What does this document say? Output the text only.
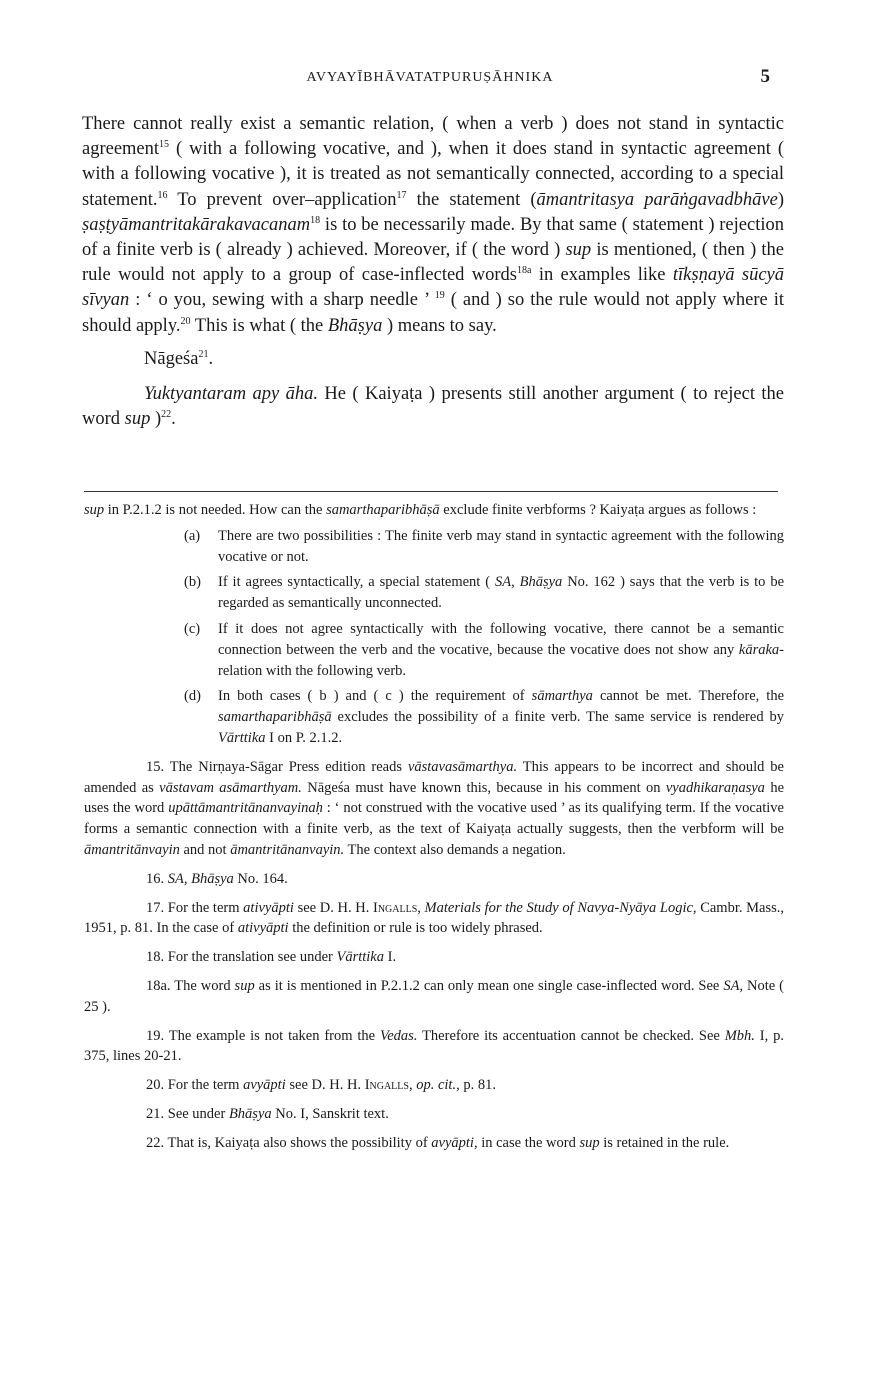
AVYAYĪBHĀVATATPURUṢĀHNIKA	5

There cannot really exist a semantic relation, ( when a verb ) does not stand in syntactic agreement$^{15}$ ( with a following vocative, and ), when it does stand in syntactic agreement ( with a following vocative ), it is treated as not semantically connected, according to a special statement.$^{16}$ To prevent over–application$^{17}$ the statement (āmantritasya parāṅgavadbhāve) ṣaṣṭyāmantritakārakavacanam$^{18}$ is to be necessarily made. By that same ( statement ) rejection of a finite verb is ( already ) achieved. Moreover, if ( the word ) sup is mentioned, ( then ) the rule would not apply to a group of case-inflected words$^{18a}$ in examples like tīkṣṇayā sūcyā sīvyan : ‘ o you, sewing with a sharp needle ’ $^{19}$ ( and ) so the rule would not apply where it should apply.$^{20}$ This is what ( the Bhāṣya ) means to say.

Nāgeśa$^{21}$.

Yuktyantaram apy āha. He ( Kaiyaṭa ) presents still another argument ( to reject the word sup )$^{22}$.

sup in P.2.1.2 is not needed. How can the samarthaparibhāṣā exclude finite verbforms ? Kaiyaṭa argues as follows :

(a) There are two possibilities : The finite verb may stand in syntactic agreement with the following vocative or not.
(b) If it agrees syntactically, a special statement ( SA, Bhāṣya No. 162 ) says that the verb is to be regarded as semantically unconnected.
(c) If it does not agree syntactically with the following vocative, there cannot be a semantic connection between the verb and the vocative, because the vocative does not show any kāraka- relation with the following verb.
(d) In both cases ( b ) and ( c ) the requirement of sāmarthya cannot be met. Therefore, the samarthaparibhāṣā excludes the possibility of a finite verb. The same service is rendered by Vārttika I on P. 2.1.2.

15. The Nirṇaya-Sāgar Press edition reads vāstavasāmarthya. This appears to be incorrect and should be amended as vāstavam asāmarthyam. Nāgeśa must have known this, because in his comment on vyadhikaraṇasya he uses the word upāttāmantritānanvayinaḥ : ‘ not construed with the vocative used ’ as its qualifying term. If the vocative forms a semantic connection with a finite verb, as the text of Kaiyaṭa actually suggests, then the verbform will be āmantritānvayin and not āmantritānanvayin. The context also demands a negation.

16. SA, Bhāṣya No. 164.

17. For the term ativyāpti see D. H. H. Ingalls, Materials for the Study of Navya-Nyāya Logic, Cambr. Mass., 1951, p. 81. In the case of ativyāpti the definition or rule is too widely phrased.

18. For the translation see under Vārttika I.

18a. The word sup as it is mentioned in P.2.1.2 can only mean one single case-inflected word. See SA, Note ( 25 ).

19. The example is not taken from the Vedas. Therefore its accentuation cannot be checked. See Mbh. I, p. 375, lines 20-21.

20. For the term avyāpti see D. H. H. Ingalls, op. cit., p. 81.

21. See under Bhāṣya No. I, Sanskrit text.

22. That is, Kaiyaṭa also shows the possibility of avyāpti, in case the word sup is retained in the rule.
